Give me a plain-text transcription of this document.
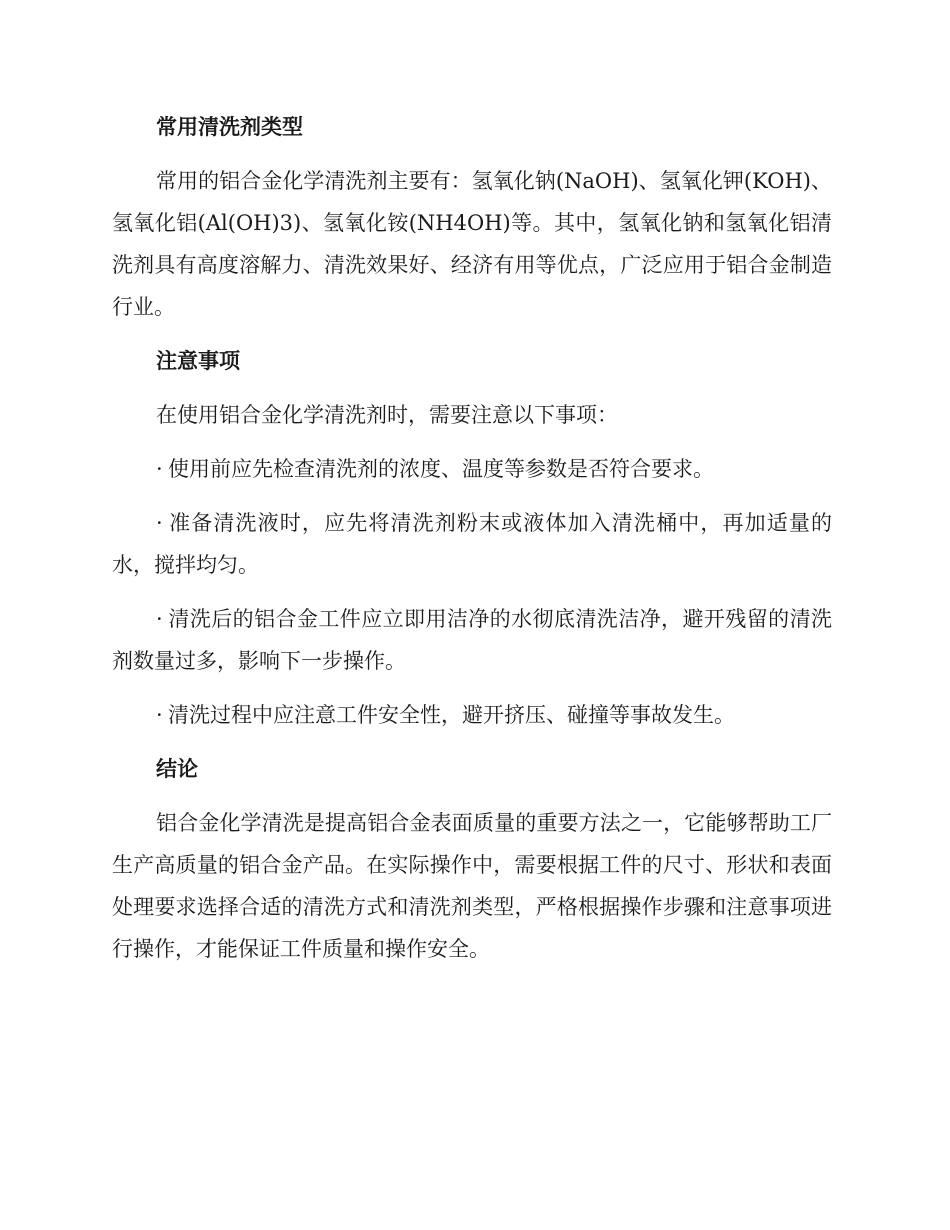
常用清洗剂类型

常用的铝合金化学清洗剂主要有：氢氧化钠(NaOH)、氢氧化钾(KOH)、氢氧化铝(Al(OH)3)、氢氧化铵(NH4OH)等。其中，氢氧化钠和氢氧化铝清洗剂具有高度溶解力、清洗效果好、经济有用等优点，广泛应用于铝合金制造行业。

注意事项

在使用铝合金化学清洗剂时，需要注意以下事项：

· 使用前应先检查清洗剂的浓度、温度等参数是否符合要求。

· 准备清洗液时，应先将清洗剂粉末或液体加入清洗桶中，再加适量的水，搅拌均匀。

· 清洗后的铝合金工件应立即用洁净的水彻底清洗洁净，避开残留的清洗剂数量过多，影响下一步操作。

· 清洗过程中应注意工件安全性，避开挤压、碰撞等事故发生。

结论

铝合金化学清洗是提高铝合金表面质量的重要方法之一，它能够帮助工厂生产高质量的铝合金产品。在实际操作中，需要根据工件的尺寸、形状和表面处理要求选择合适的清洗方式和清洗剂类型，严格根据操作步骤和注意事项进行操作，才能保证工件质量和操作安全。
